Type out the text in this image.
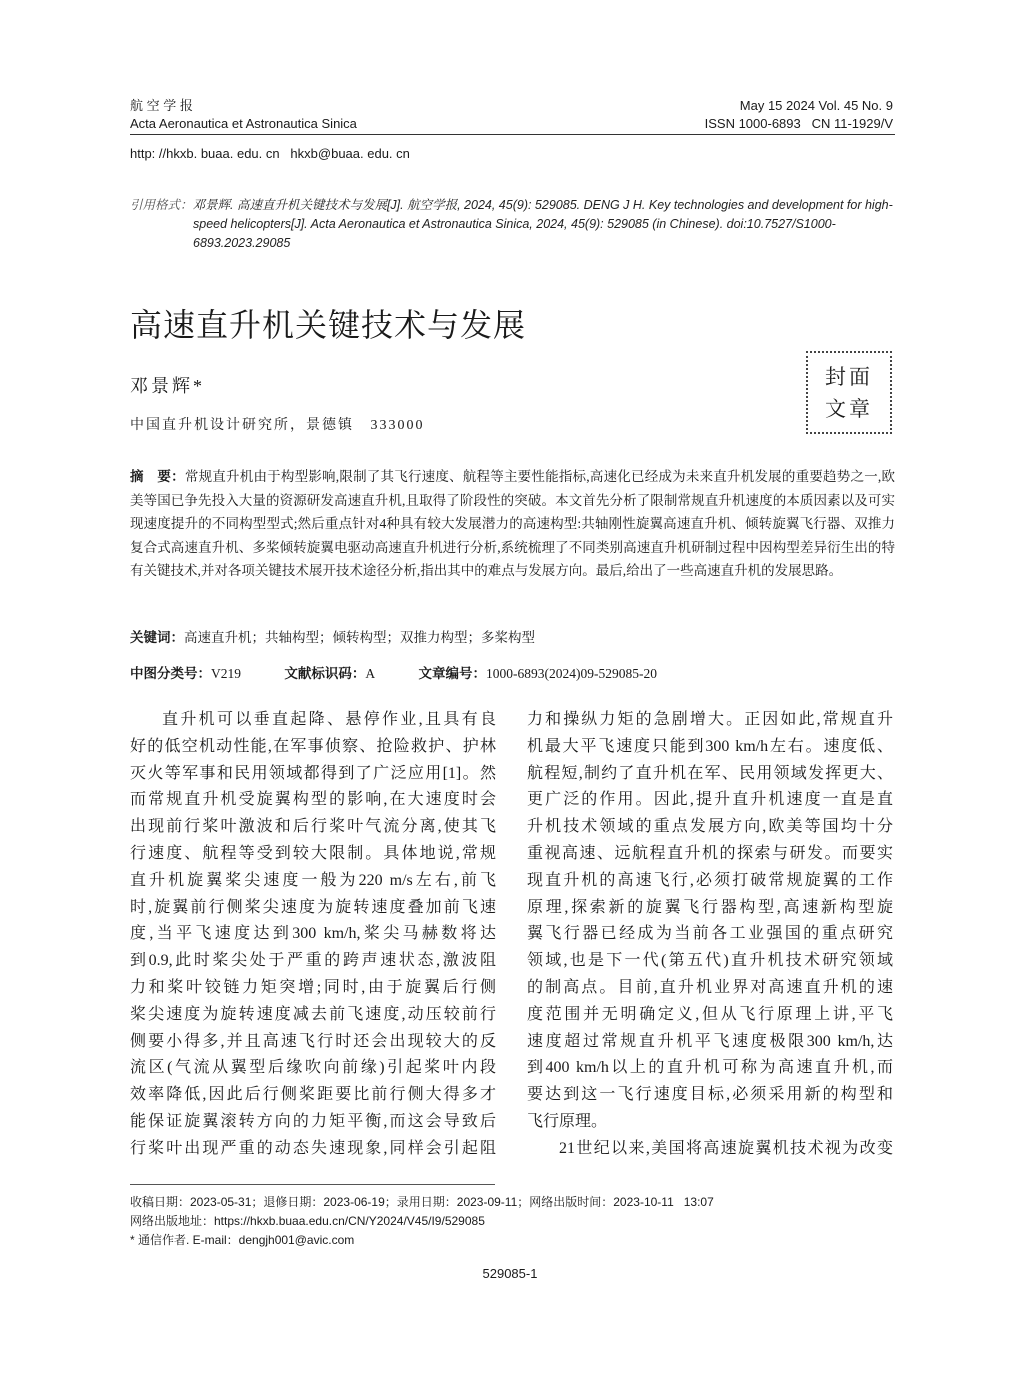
航 空 学 报
Acta Aeronautica et Astronautica Sinica
May 15 2024 Vol. 45 No. 9
ISSN 1000-6893   CN 11-1929/V
http: //hkxb. buaa. edu. cn   hkxb@buaa. edu. cn
引用格式：邓景辉. 高速直升机关键技术与发展[J]. 航空学报, 2024, 45(9): 529085. DENG J H. Key technologies and development for high-speed helicopters[J]. Acta Aeronautica et Astronautica Sinica, 2024, 45(9): 529085 (in Chinese). doi:10.7527/S1000-6893.2023.29085
高速直升机关键技术与发展
邓景辉*
中国直升机设计研究所，景德镇   333000
封面
文章
摘　要：常规直升机由于构型影响,限制了其飞行速度、航程等主要性能指标,高速化已经成为未来直升机发展的重要趋势之一,欧美等国已争先投入大量的资源研发高速直升机,且取得了阶段性的突破。本文首先分析了限制常规直升机速度的本质因素以及可实现速度提升的不同构型型式;然后重点针对4种具有较大发展潜力的高速构型:共轴刚性旋翼高速直升机、倾转旋翼飞行器、双推力复合式高速直升机、多桨倾转旋翼电驱动高速直升机进行分析,系统梳理了不同类别高速直升机研制过程中因构型差异衍生出的特有关键技术,并对各项关键技术展开技术途径分析,指出其中的难点与发展方向。最后,给出了一些高速直升机的发展思路。
关键词：高速直升机；共轴构型；倾转构型；双推力构型；多桨构型
中图分类号：V219	文献标识码：A	文章编号：1000-6893(2024)09-529085-20
直升机可以垂直起降、悬停作业,且具有良
好的低空机动性能,在军事侦察、抢险救护、护林
灭火等军事和民用领域都得到了广泛应用[1]。然
而常规直升机受旋翼构型的影响,在大速度时会
出现前行桨叶激波和后行桨叶气流分离,使其飞
行速度、航程等受到较大限制。具体地说,常规
直升机旋翼桨尖速度一般为220 m/s左右,前飞
时,旋翼前行侧桨尖速度为旋转速度叠加前飞速
度,当平飞速度达到300 km/h,桨尖马赫数将达
到0.9,此时桨尖处于严重的跨声速状态,激波阻
力和桨叶铰链力矩突增;同时,由于旋翼后行侧
桨尖速度为旋转速度减去前飞速度,动压较前行
侧要小得多,并且高速飞行时还会出现较大的反
流区(气流从翼型后缘吹向前缘)引起桨叶内段
效率降低,因此后行侧桨距要比前行侧大得多才
能保证旋翼滚转方向的力矩平衡,而这会导致后
行桨叶出现严重的动态失速现象,同样会引起阻
力和操纵力矩的急剧增大。正因如此,常规直升
机最大平飞速度只能到300 km/h左右。速度低、
航程短,制约了直升机在军、民用领域发挥更大、
更广泛的作用。因此,提升直升机速度一直是直
升机技术领域的重点发展方向,欧美等国均十分
重视高速、远航程直升机的探索与研发。而要实
现直升机的高速飞行,必须打破常规旋翼的工作
原理,探索新的旋翼飞行器构型,高速新构型旋
翼飞行器已经成为当前各工业强国的重点研究
领域,也是下一代(第五代)直升机技术研究领域
的制高点。目前,直升机业界对高速直升机的速
度范围并无明确定义,但从飞行原理上讲,平飞
速度超过常规直升机平飞速度极限300 km/h,达
到400 km/h以上的直升机可称为高速直升机,而
要达到这一飞行速度目标,必须采用新的构型和
飞行原理。
21世纪以来,美国将高速旋翼机技术视为改变
收稿日期：2023-05-31；退修日期：2023-06-19；录用日期：2023-09-11；网络出版时间：2023-10-11   13:07
网络出版地址：https://hkxb.buaa.edu.cn/CN/Y2024/V45/I9/529085
* 通信作者. E-mail：dengjh001@avic.com
529085-1
